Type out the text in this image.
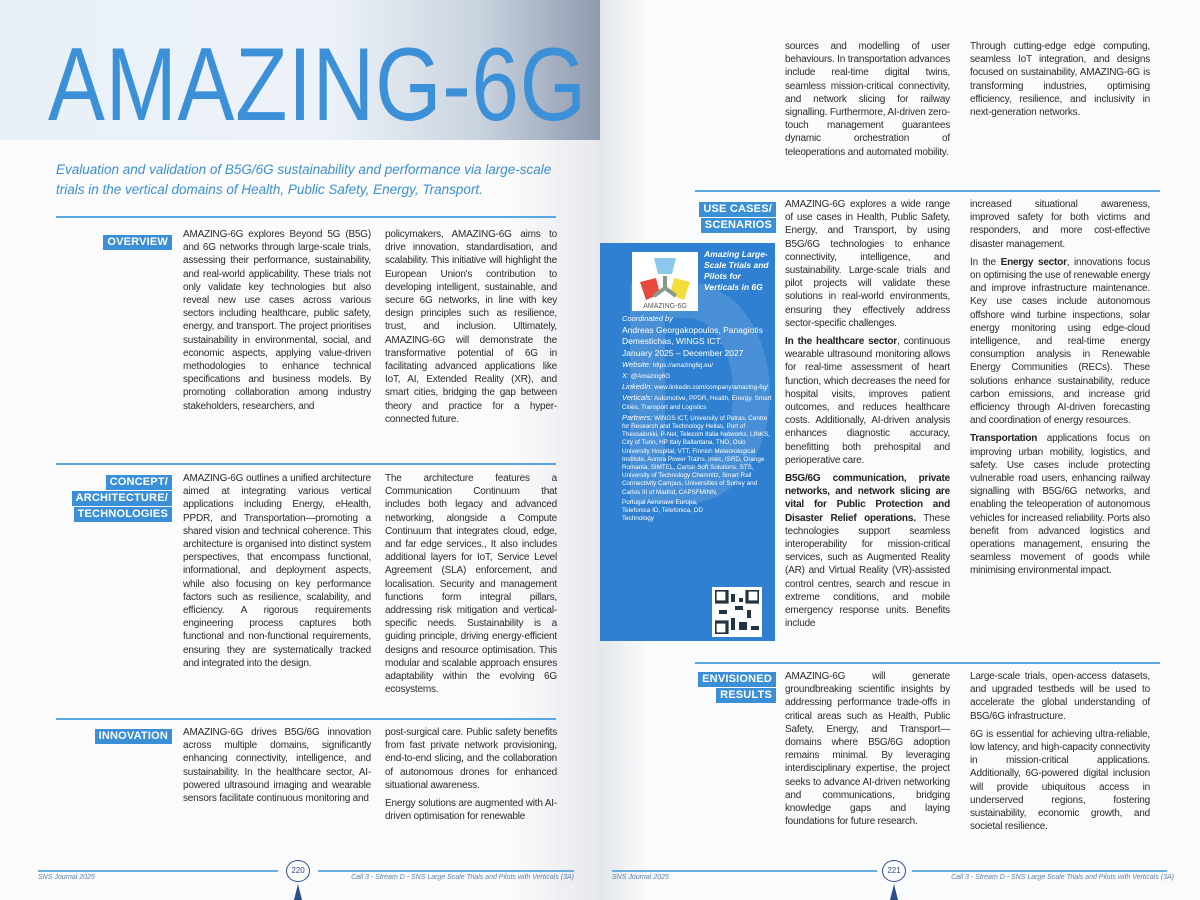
AMAZING-6G
Evaluation and validation of B5G/6G sustainability and performance via large-scale trials in the vertical domains of Health, Public Safety, Energy, Transport.
OVERVIEW
AMAZING-6G explores Beyond 5G (B5G) and 6G networks through large-scale trials, assessing their performance, sustainability, and real-world applicability. These trials not only validate key technologies but also reveal new use cases across various sectors including healthcare, public safety, energy, and transport. The project prioritises sustainability in environmental, social, and economic aspects, applying value-driven methodologies to enhance technical specifications and business models. By promoting collaboration among industry stakeholders, researchers, and
policymakers, AMAZING-6G aims to drive innovation, standardisation, and scalability. This initiative will highlight the European Union's contribution to developing intelligent, sustainable, and secure 6G networks, in line with key design principles such as resilience, trust, and inclusion. Ultimately, AMAZING-6G will demonstrate the transformative potential of 6G in facilitating advanced applications like IoT, AI, Extended Reality (XR), and smart cities, bridging the gap between theory and practice for a hyper-connected future.
CONCEPT/
ARCHITECTURE/
TECHNOLOGIES
AMAZING-6G outlines a unified architecture aimed at integrating various vertical applications including Energy, eHealth, PPDR, and Transportation—promoting a shared vision and technical coherence. This architecture is organised into distinct system perspectives, that encompass functional, informational, and deployment aspects, while also focusing on key performance factors such as resilience, scalability, and efficiency. A rigorous requirements engineering process captures both functional and non-functional requirements, ensuring they are systematically tracked and integrated into the design.
The architecture features a Communication Continuum that includes both legacy and advanced networking, alongside a Compute Continuum that integrates cloud, edge, and far edge services., It also includes additional layers for IoT, Service Level Agreement (SLA) enforcement, and localisation. Security and management functions form integral pillars, addressing risk mitigation and vertical-specific needs. Sustainability is a guiding principle, driving energy-efficient designs and resource optimisation. This modular and scalable approach ensures adaptability within the evolving 6G ecosystems.
INNOVATION	AMAZING-6G drives B5G/6G innovation across multiple domains, significantly enhancing connectivity, intelligence, and sustainability. In the healthcare sector, AI-powered ultrasound imaging and wearable sensors facilitate continuous monitoring and

post-surgical care. Public safety benefits from fast private network provisioning, end-to-end slicing, and the collaboration of autonomous drones for enhanced situational awareness.

Energy solutions are augmented with AI-driven optimisation for renewable

SNS Journal 2025
220
Call 3 - Stream D - SNS Large Scale Trials and Pilots with Verticals (3A)
sources and modelling of user behaviours. In transportation advances include real-time digital twins, seamless mission-critical connectivity, and network slicing for railway signalling. Furthermore, AI-driven zero-touch management guarantees dynamic orchestration of teleoperations and automated mobility.
Through cutting-edge edge computing, seamless IoT integration, and designs focused on sustainability, AMAZING-6G is transforming industries, optimising efficiency, resilience, and inclusivity in next-generation networks.
USE CASES/
SCENARIOS

AMAZING-6G explores a wide range of use cases in Health, Public Safety, Energy, and Transport, by using B5G/6G technologies to enhance connectivity, intelligence, and sustainability. Large-scale trials and pilot projects will validate these solutions in real-world environments, ensuring they effectively address sector-specific challenges.

In the healthcare sector, continuous wearable ultrasound monitoring allows for real-time assessment of heart function, which decreases the need for hospital visits, improves patient outcomes, and reduces healthcare costs. Additionally, AI-driven analysis enhances diagnostic accuracy, benefitting both prehospital and perioperative care.

B5G/6G communication, private networks, and network slicing are vital for Public Protection and Disaster Relief operations. These technologies support seamless interoperability for mission-critical services, such as Augmented Reality (AR) and Virtual Reality (VR)-assisted control centres, search and rescue in extreme conditions, and mobile emergency response units. Benefits include

increased situational awareness, improved safety for both victims and responders, and more cost-effective disaster management.

In the Energy sector, innovations focus on optimising the use of renewable energy and improve infrastructure maintenance. Key use cases include autonomous offshore wind turbine inspections, solar energy monitoring using edge-cloud intelligence, and real-time energy consumption analysis in Renewable Energy Communities (RECs). These solutions enhance sustainability, reduce carbon emissions, and increase grid efficiency through AI-driven forecasting and coordination of energy resources.

Transportation applications focus on improving urban mobility, logistics, and safety. Use cases include protecting vulnerable road users, enhancing railway signalling with B5G/6G networks, and enabling the teleoperation of autonomous vehicles for increased reliability. Ports also benefit from advanced logistics and operations management, ensuring the seamless movement of goods while minimising environmental impact.

ENVISIONED
RESULTS
AMAZING-6G will generate groundbreaking scientific insights by addressing performance trade-offs in critical areas such as Health, Public Safety, Energy, and Transport—domains where B5G/6G adoption remains minimal. By leveraging interdisciplinary expertise, the project seeks to advance AI-driven networking and communications, bridging knowledge gaps and laying foundations for future research.

Large-scale trials, open-access datasets, and upgraded testbeds will be used to accelerate the global understanding of B5G/6G infrastructure.

6G is essential for achieving ultra-reliable, low latency, and high-capacity connectivity in mission-critical applications. Additionally, 6G-powered digital inclusion will provide ubiquitous access in underserved regions, fostering sustainability, economic growth, and societal resilience.

SNS Journal 2025
221
Call 3 - Stream D - SNS Large Scale Trials and Pilots with Verticals (3A)
AMAZING-6G
Amazing Large-Scale Trials and Pilots for Verticals in 6G
Coordinated by
Andreas Georgakopoulos, Panagiotis Demestichas, WINGS ICT.
January 2025 – December 2027
Website: https://amazing6g.eu/
X: @Amazing6G
LinkedIn: www.linkedin.com/company/amazing-6g/
Verticals: Automotive, PPDR, Health, Energy, Smart Cities, Transport and Logistics
Partners: WINGS ICT, University of Patras, Centre for Research and Technology Hellas, Port of Thessaloniki, P-Net, Telecom Italia Networks, LINKS, City of Turin, HP Italy Ballantana, TNO, Oslo University Hospital, VTT, Finnish Meteorological Institute, Aurora Power Trains, imec, ISRD, Orange Romania, SIMTEL, Certsir Soft Solutions, STS, University of Technology Chemnitz, Smart Rail Connectivity Campus, Universities of Surrey and Carlos III of Madrid, CAPSFMINN,
Portugal Aeronave Europa, Telefonica ID, Telefonica, OD Technology
